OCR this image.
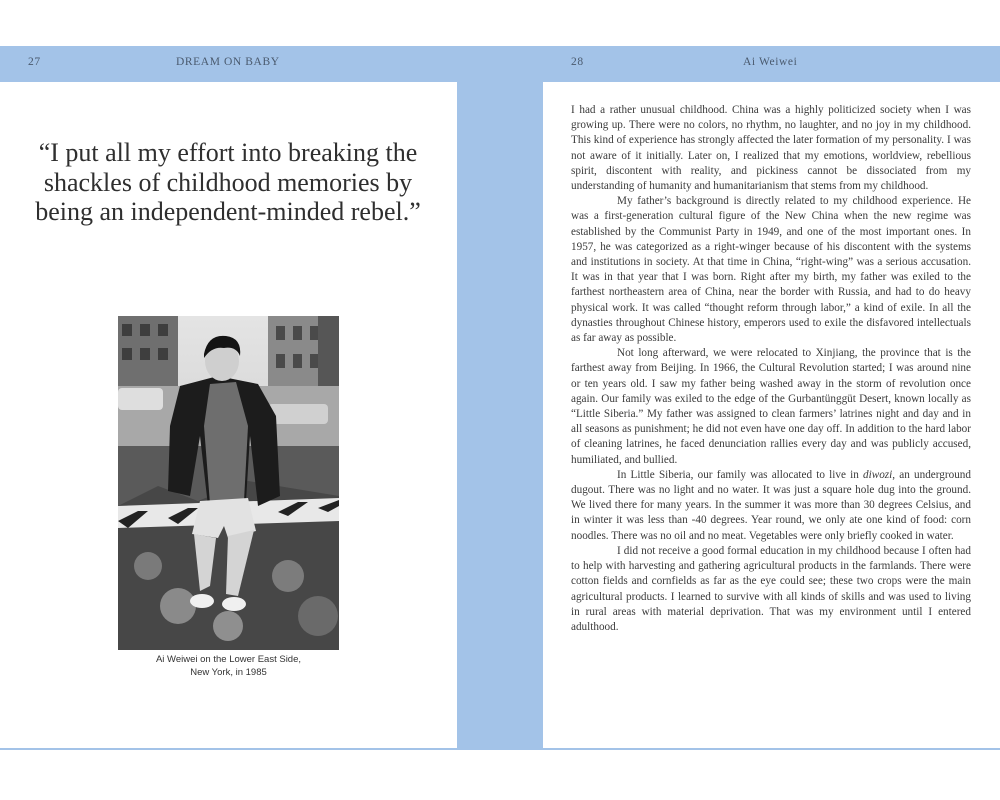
27	DREAM ON BABY	28	Ai Weiwei
“I put all my effort into breaking the shackles of childhood memories by being an independent-minded rebel.”
Ai Weiwei on the Lower East Side,
New York, in 1985

I had a rather unusual childhood. China was a highly politicized society when I was growing up. There were no colors, no rhythm, no laughter, and no joy in my childhood. This kind of experience has strongly affected the later formation of my personality. I was not aware of it initially. Later on, I realized that my emotions, worldview, rebellious spirit, discontent with reality, and pickiness cannot be dissociated from my understanding of humanity and humanitarianism that stems from my childhood.

My father’s background is directly related to my childhood experience. He was a first-generation cultural figure of the New China when the new regime was established by the Communist Party in 1949, and one of the most important ones. In 1957, he was categorized as a right-winger because of his discontent with the systems and institutions in society. At that time in China, “right-wing” was a serious accusation. It was in that year that I was born. Right after my birth, my father was exiled to the farthest northeastern area of China, near the border with Russia, and had to do heavy physical work. It was called “thought reform through labor,” a kind of exile. In all the dynasties throughout Chinese history, emperors used to exile the disfavored intellectuals as far away as possible.

Not long afterward, we were relocated to Xinjiang, the province that is the farthest away from Beijing. In 1966, the Cultural Revolution started; I was around nine or ten years old. I saw my father being washed away in the storm of revolution once again. Our family was exiled to the edge of the Gurbantünggüt Desert, known locally as “Little Siberia.” My father was assigned to clean farmers’ latrines night and day and in all seasons as punishment; he did not even have one day off. In addition to the hard labor of cleaning latrines, he faced denunciation rallies every day and was publicly accused, humiliated, and bullied.

In Little Siberia, our family was allocated to live in diwozi, an underground dugout. There was no light and no water. It was just a square hole dug into the ground. We lived there for many years. In the summer it was more than 30 degrees Celsius, and in winter it was less than -40 degrees. Year round, we only ate one kind of food: corn noodles. There was no oil and no meat. Vegetables were only briefly cooked in water.

I did not receive a good formal education in my childhood because I often had to help with harvesting and gathering agricultural products in the farmlands. There were cotton fields and cornfields as far as the eye could see; these two crops were the main agricultural products. I learned to survive with all kinds of skills and was used to living in rural areas with material deprivation. That was my environment until I entered adulthood.
